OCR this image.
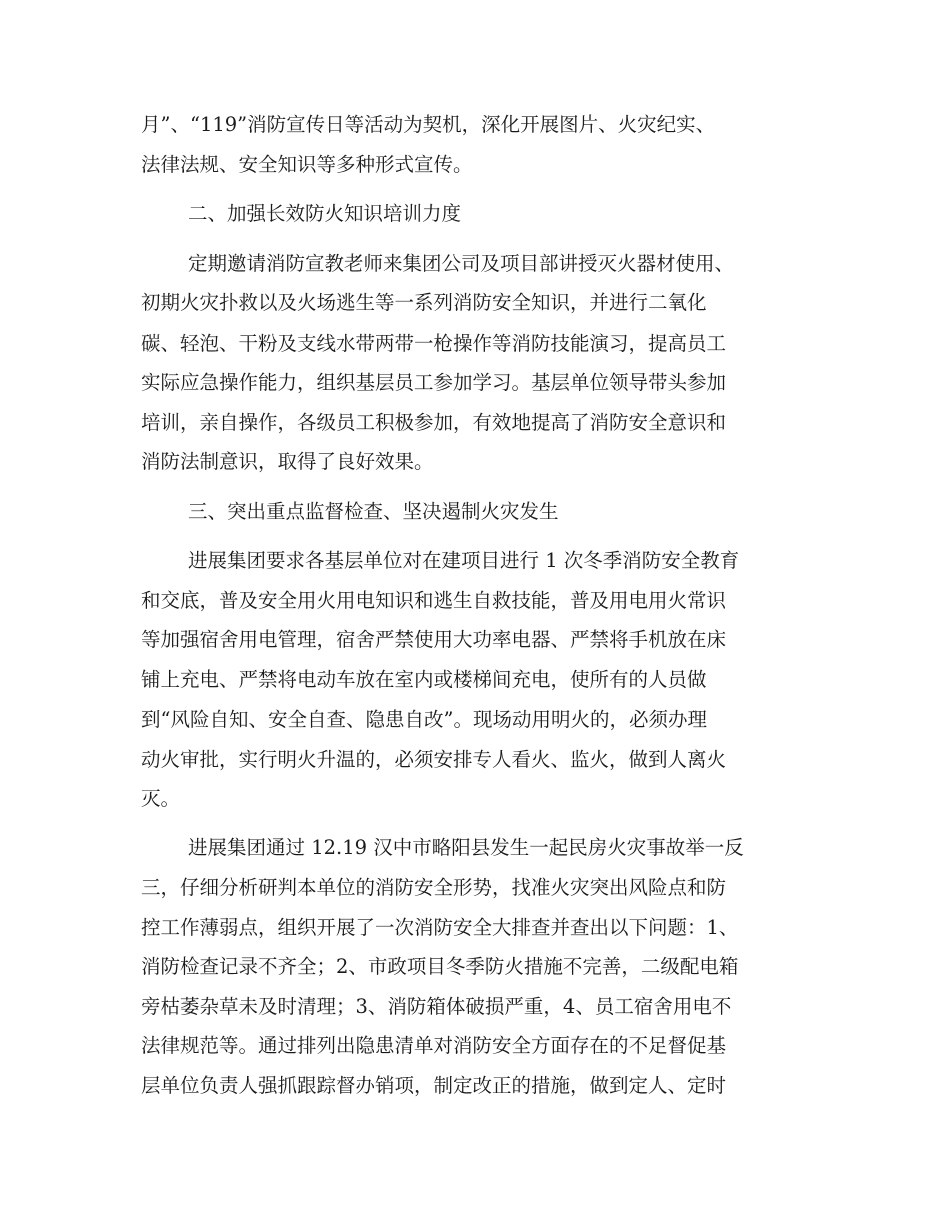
月”、“119”消防宣传日等活动为契机，深化开展图片、火灾纪实、
法律法规、安全知识等多种形式宣传。
二、加强长效防火知识培训力度
定期邀请消防宣教老师来集团公司及项目部讲授灭火器材使用、
初期火灾扑救以及火场逃生等一系列消防安全知识，并进行二氧化
碳、轻泡、干粉及支线水带两带一枪操作等消防技能演习，提高员工
实际应急操作能力，组织基层员工参加学习。基层单位领导带头参加
培训，亲自操作，各级员工积极参加，有效地提高了消防安全意识和
消防法制意识，取得了良好效果。
三、突出重点监督检查、坚决遏制火灾发生
进展集团要求各基层单位对在建项目进行 1 次冬季消防安全教育
和交底，普及安全用火用电知识和逃生自救技能，普及用电用火常识
等加强宿舍用电管理，宿舍严禁使用大功率电器、严禁将手机放在床
铺上充电、严禁将电动车放在室内或楼梯间充电，使所有的人员做
到“风险自知、安全自查、隐患自改”。现场动用明火的，必须办理
动火审批，实行明火升温的，必须安排专人看火、监火，做到人离火
灭。
进展集团通过 12.19 汉中市略阳县发生一起民房火灾事故举一反
三，仔细分析研判本单位的消防安全形势，找准火灾突出风险点和防
控工作薄弱点，组织开展了一次消防安全大排查并查出以下问题：1、
消防检查记录不齐全；2、市政项目冬季防火措施不完善，二级配电箱
旁枯萎杂草未及时清理；3、消防箱体破损严重，4、员工宿舍用电不
法律规范等。通过排列出隐患清单对消防安全方面存在的不足督促基
层单位负责人强抓跟踪督办销项，制定改正的措施，做到定人、定时
